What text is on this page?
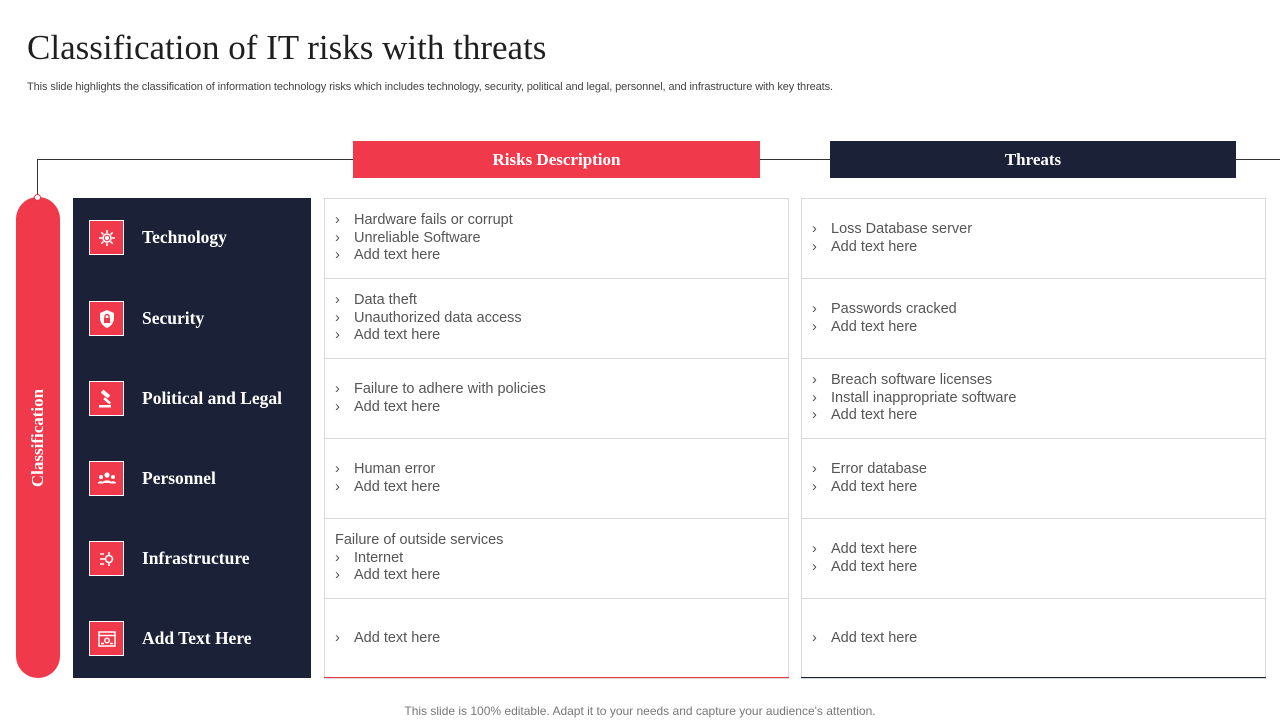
Classification of IT risks with threats
This slide highlights the classification of information technology risks which includes technology, security, political and legal, personnel, and infrastructure with key threats.
Risks Description	Threats
Classification
Technology
Security
Political and Legal
Personnel
Infrastructure
Add Text Here
› Hardware fails or corrupt
› Unreliable Software
› Add text here
› Loss Database server
› Add text here
› Data theft
› Unauthorized data access
› Add text here
› Passwords cracked
› Add text here
› Failure to adhere with policies
› Add text here
› Breach software licenses
› Install inappropriate software
› Add text here
› Human error
› Add text here
› Error database
› Add text here
Failure of outside services
› Internet
› Add text here
› Add text here
› Add text here
› Add text here	› Add text here
This slide is 100% editable. Adapt it to your needs and capture your audience's attention.
